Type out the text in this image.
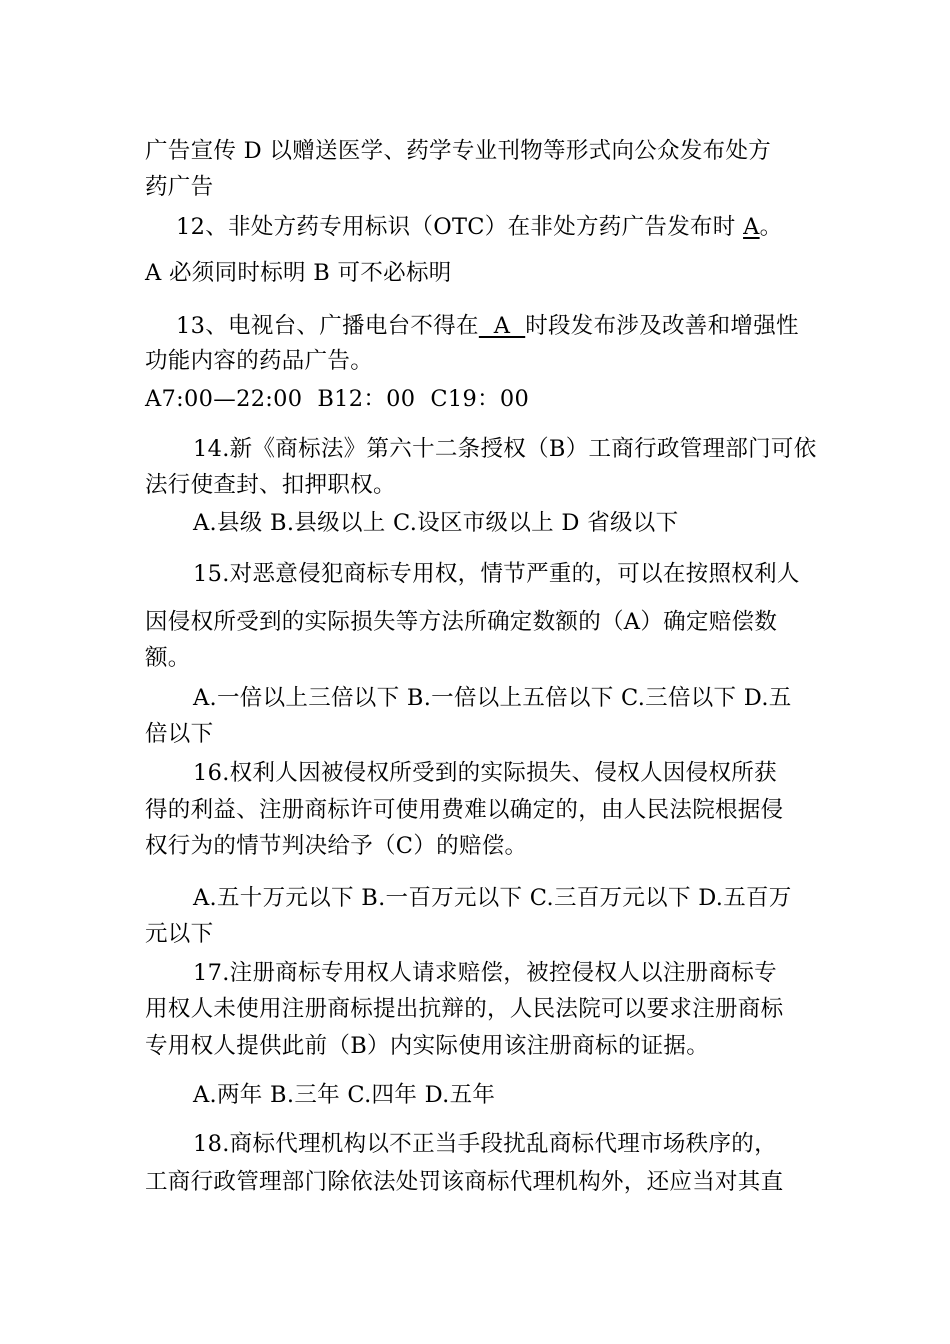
广告宣传 D 以赠送医学、药学专业刊物等形式向公众发布处方
药广告
12、非处方药专用标识（OTC）在非处方药广告发布时 A。
A 必须同时标明 B 可不必标明
13、电视台、广播电台不得在  A  时段发布涉及改善和增强性
功能内容的药品广告。
A7:00—22:00  B12：00  C19：00
14.新《商标法》第六十二条授权（B）工商行政管理部门可依
法行使查封、扣押职权。
A.县级 B.县级以上 C.设区市级以上 D 省级以下
15.对恶意侵犯商标专用权，情节严重的，可以在按照权利人
因侵权所受到的实际损失等方法所确定数额的（A）确定赔偿数
额。
A.一倍以上三倍以下 B.一倍以上五倍以下 C.三倍以下 D.五
倍以下
16.权利人因被侵权所受到的实际损失、侵权人因侵权所获
得的利益、注册商标许可使用费难以确定的，由人民法院根据侵
权行为的情节判决给予（C）的赔偿。
A.五十万元以下 B.一百万元以下 C.三百万元以下 D.五百万
元以下
17.注册商标专用权人请求赔偿，被控侵权人以注册商标专
用权人未使用注册商标提出抗辩的，人民法院可以要求注册商标
专用权人提供此前（B）内实际使用该注册商标的证据。
A.两年 B.三年 C.四年 D.五年
18.商标代理机构以不正当手段扰乱商标代理市场秩序的，
工商行政管理部门除依法处罚该商标代理机构外，还应当对其直
